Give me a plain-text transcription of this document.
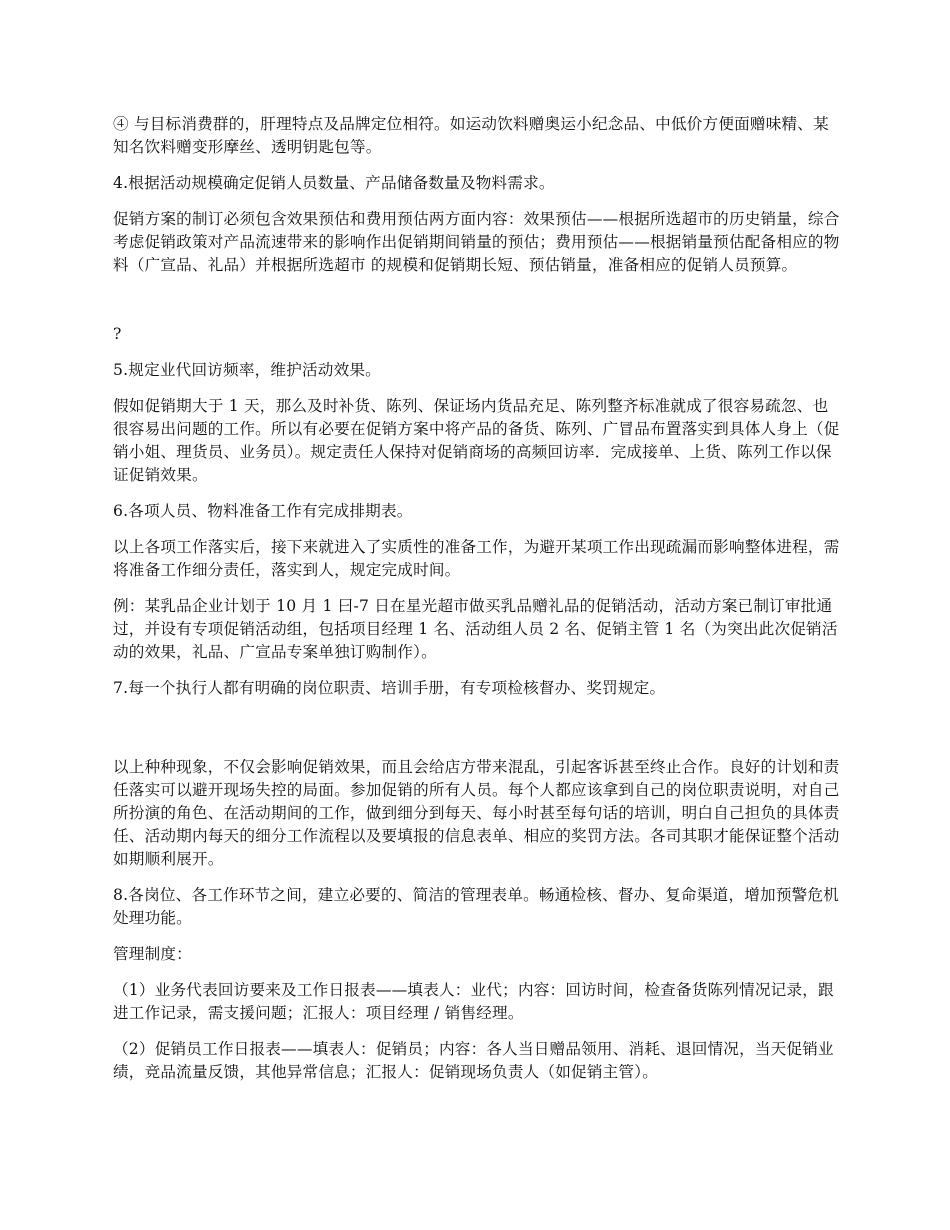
④ 与目标消费群的，肝理特点及品牌定位相符。如运动饮料赠奥运小纪念品、中低价方便面赠味精、某知名饮料赠变形摩丝、透明钥匙包等。

4.根据活动规模确定促销人员数量、产品储备数量及物料需求。

促销方案的制订必须包含效果预估和费用预估两方面内容：效果预估——根据所选超市的历史销量，综合考虑促销政策对产品流速带来的影响作出促销期间销量的预估；费用预估——根据销量预估配备相应的物料（广宣品、礼品）并根据所选超市 的规模和促销期长短、预估销量，准备相应的促销人员预算。

?

5.规定业代回访频率，维护活动效果。

假如促销期大于 1 天，那么及时补货、陈列、保证场内货品充足、陈列整齐标准就成了很容易疏忽、也很容易出问题的工作。所以有必要在促销方案中将产品的备货、陈列、广冒品布置落实到具体人身上（促销小姐、理货员、业务员）。规定责任人保持对促销商场的高频回访率．完成接单、上货、陈列工作以保证促销效果。

6.各项人员、物料准备工作有完成排期表。

以上各项工作落实后，接下来就进入了实质性的准备工作，为避开某项工作出现疏漏而影响整体进程，需将准备工作细分责任，落实到人，规定完成时间。

例：某乳品企业计划于 10 月 1 曰-7 日在星光超市做买乳品赠礼品的促销活动，活动方案已制订审批通过，并设有专项促销活动组，包括项目经理 1 名、活动组人员 2 名、促销主管 1 名（为突出此次促销活动的效果，礼品、广宣品专案单独订购制作）。

7.每一个执行人都有明确的岗位职责、培训手册，有专项检核督办、奖罚规定。

以上种种现象，不仅会影响促销效果，而且会给店方带来混乱，引起客诉甚至终止合作。良好的计划和责任落实可以避开现场失控的局面。参加促销的所有人员。每个人都应该拿到自己的岗位职责说明，对自己所扮演的角色、在活动期间的工作，做到细分到每天、每小时甚至每句话的培训，明白自己担负的具体责任、活动期内每天的细分工作流程以及要填报的信息表单、相应的奖罚方法。各司其职才能保证整个活动如期顺利展开。

8.各岗位、各工作环节之间，建立必要的、简洁的管理表单。畅通检核、督办、复命渠道，增加预警危机处理功能。

管理制度：

（1）业务代表回访要来及工作日报表——填表人：业代；内容：回访时间，检查备货陈列情况记录，跟进工作记录，需支援问题；汇报人：项目经理 / 销售经理。

（2）促销员工作日报表——填表人：促销员；内容：各人当日赠品领用、消耗、退回情况，当天促销业绩，竞品流量反馈，其他异常信息；汇报人：促销现场负责人（如促销主管）。
